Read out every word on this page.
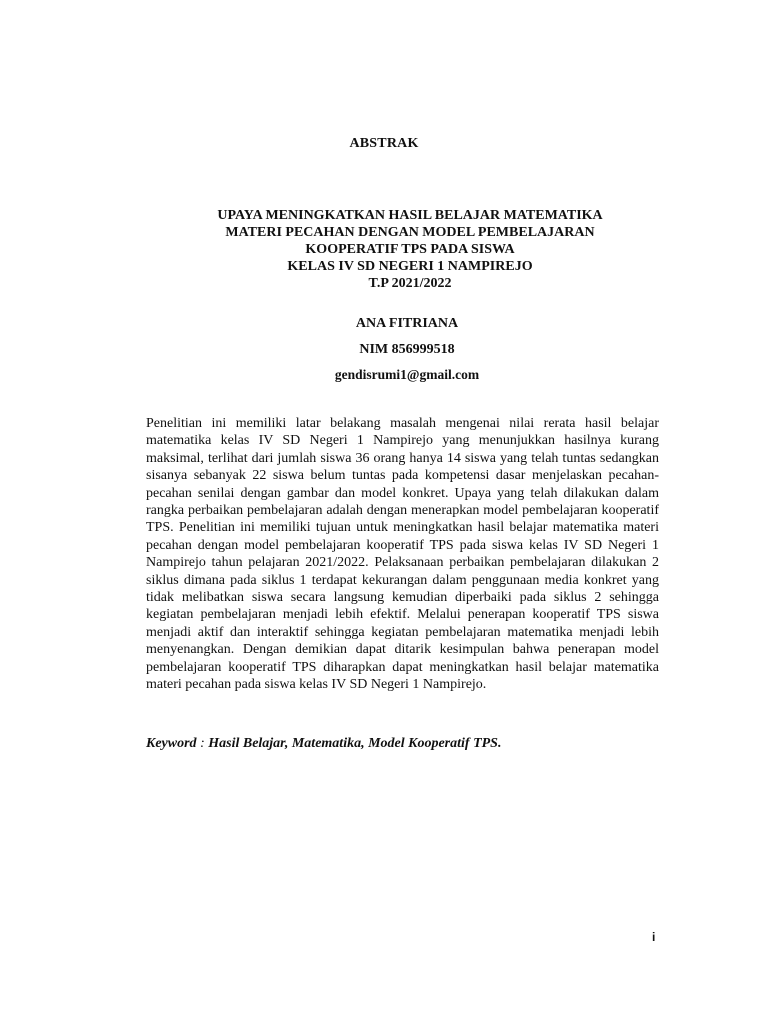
ABSTRAK
UPAYA MENINGKATKAN HASIL BELAJAR MATEMATIKA
MATERI PECAHAN DENGAN MODEL PEMBELAJARAN
KOOPERATIF TPS PADA SISWA
KELAS IV SD NEGERI 1 NAMPIREJO
T.P 2021/2022
ANA FITRIANA
NIM 856999518
gendisrumi1@gmail.com

Penelitian ini memiliki latar belakang masalah mengenai nilai rerata hasil belajar matematika kelas IV SD Negeri 1 Nampirejo yang menunjukkan hasilnya kurang maksimal, terlihat dari jumlah siswa 36 orang hanya 14 siswa yang telah tuntas sedangkan sisanya sebanyak 22 siswa belum tuntas pada kompetensi dasar menjelaskan pecahan-pecahan senilai dengan gambar dan model konkret. Upaya yang telah dilakukan dalam rangka perbaikan pembelajaran adalah dengan menerapkan model pembelajaran kooperatif TPS. Penelitian ini memiliki tujuan untuk meningkatkan hasil belajar matematika materi pecahan dengan model pembelajaran kooperatif TPS pada siswa kelas IV SD Negeri 1 Nampirejo tahun pelajaran 2021/2022. Pelaksanaan perbaikan pembelajaran dilakukan 2 siklus dimana pada siklus 1 terdapat kekurangan dalam penggunaan media konkret yang tidak melibatkan siswa secara langsung kemudian diperbaiki pada siklus 2 sehingga kegiatan pembelajaran menjadi lebih efektif. Melalui penerapan kooperatif TPS siswa menjadi aktif dan interaktif sehingga kegiatan pembelajaran matematika menjadi lebih menyenangkan. Dengan demikian dapat ditarik kesimpulan bahwa penerapan model pembelajaran kooperatif TPS diharapkan dapat meningkatkan hasil belajar matematika materi pecahan pada siswa kelas IV SD Negeri 1 Nampirejo.

Keyword : Hasil Belajar, Matematika, Model Kooperatif TPS.
i
